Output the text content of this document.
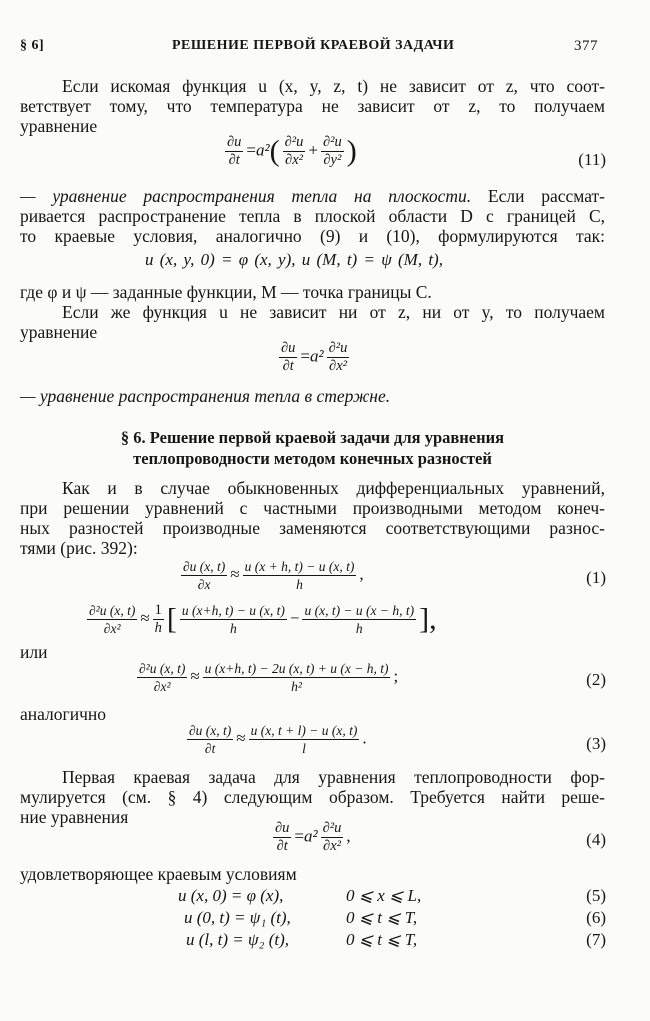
§ 6]	РЕШЕНИЕ ПЕРВОЙ КРАЕВОЙ ЗАДАЧИ	377
Если искомая функция u (x, y, z, t) не зависит от z, что соот-
ветствует тому, что температура не зависит от z, то получаем
уравнение
$\frac{\partial u}{\partial t} =a^2( \frac{\text{∂²u}}{\text{∂x²}} + \frac{\text{∂²u}}{\text{∂y²}}$ )	(11)
— уравнение распространения тепла на плоскости. Если рассмат-
ривается распространение тепла в плоской области D с границей C,
то краевые условия, аналогично (9) и (10), формулируются так:
u (x, y, 0) = φ (x, y), u (M, t) = ψ (M, t),
где φ и ψ — заданные функции, M — точка границы C.
Если же функция u не зависит ни от z, ни от y, то получаем
уравнение
$\frac{\partial u}{\partial t} =a^2 \frac{\text{∂²u}}{\text{∂x²}}$
— уравнение распространения тепла в стержне.
§ 6. Решение первой краевой задачи для уравнения
теплопроводности методом конечных разностей
Как и в случае обыкновенных дифференциальных уравнений,
при решении уравнений с частными производными методом конеч-
ных разностей производные заменяются соответствующими разнос-
тями (рис. 392):
$\frac{\partial u (x, t)}{\partial x} \approx \frac{u (x + h, t) - u (x, t)}{h}$ ,	(1)
$\frac{\text{∂²u (x, t)}}{\text{∂x²}} \approx \frac{1}{h}$ [ $\frac{u (x+h, t) - u (x, t)}{h} - \frac{u (x, t) - u (x - h, t)}{h}$ ],
или
$\frac{\text{∂²u (x, t)}}{\text{∂x²}} \approx \frac{u (x+h, t) - 2u (x, t) + u (x - h, t)}{\text{h²}}$ ;	(2)
аналогично
$\frac{\partial u (x, t)}{\partial t} \approx \frac{u (x, t + l) - u (x, t)}{l}$ .	(3)
Первая краевая задача для уравнения теплопроводности фор-
мулируется (см. § 4) следующим образом. Требуется найти реше-
ние уравнения
$\frac{\partial u}{\partial t} =a^2 \frac{\text{∂²u}}{\text{∂x²}}$ ,	(4)
удовлетворяющее краевым условиям
u (x, 0) = φ (x),	0 ⩽ x ⩽ L,	(5)
u (0, t) = ψ₁ (t),	0 ⩽ t ⩽ T,	(6)
u (l, t) = ψ₂ (t),	0 ⩽ t ⩽ T,	(7)
